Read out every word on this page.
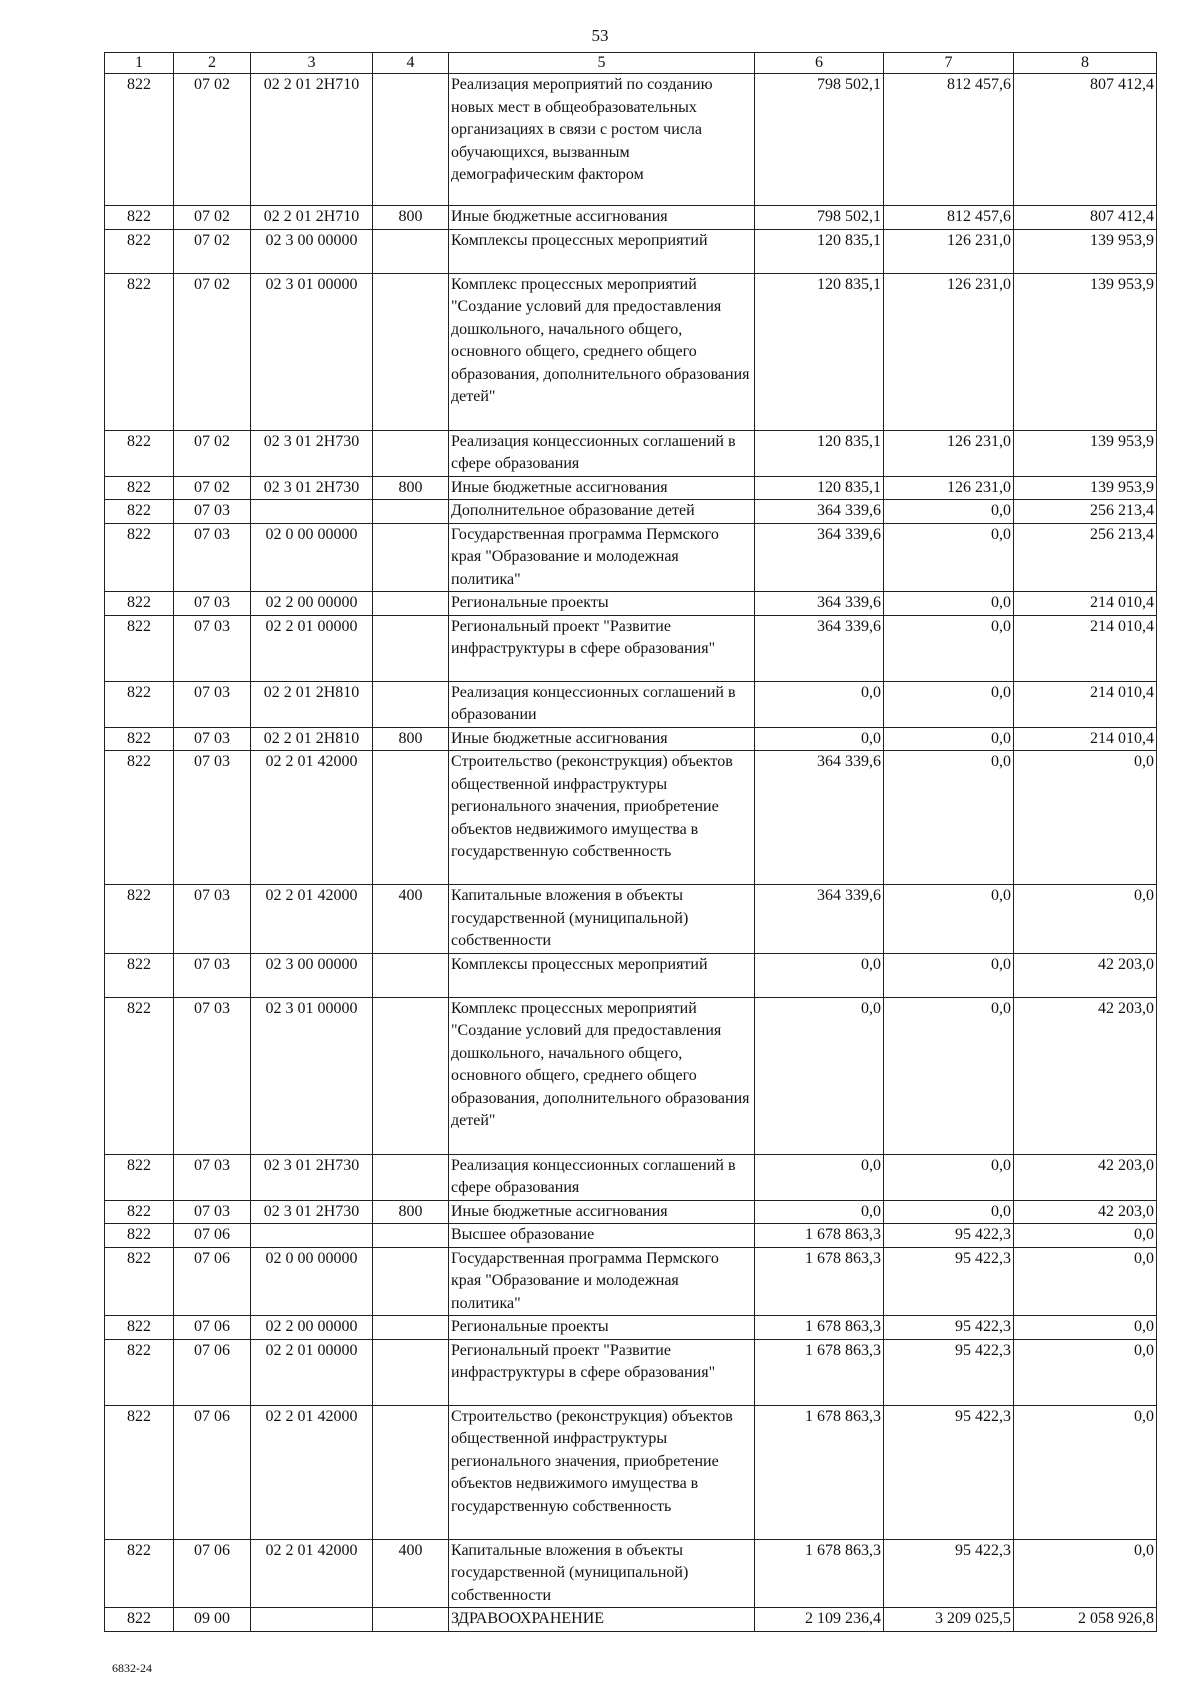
53
1	2	3	4	5	6	7	8
822	07 02	02 2 01 2Н710		Реализация мероприятий по созданию новых мест в общеобразовательных организациях в связи с ростом числа обучающихся, вызванным демографическим фактором	798 502,1	812 457,6	807 412,4
822	07 02	02 2 01 2Н710	800	Иные бюджетные ассигнования	798 502,1	812 457,6	807 412,4
822	07 02	02 3 00 00000		Комплексы процессных мероприятий	120 835,1	126 231,0	139 953,9
822	07 02	02 3 01 00000		Комплекс процессных мероприятий "Создание условий для предоставления дошкольного, начального общего, основного общего, среднего общего образования, дополнительного образования детей"	120 835,1	126 231,0	139 953,9
822	07 02	02 3 01 2Н730		Реализация концессионных соглашений в сфере образования	120 835,1	126 231,0	139 953,9
822	07 02	02 3 01 2Н730	800	Иные бюджетные ассигнования	120 835,1	126 231,0	139 953,9
822	07 03			Дополнительное образование детей	364 339,6	0,0	256 213,4
822	07 03	02 0 00 00000		Государственная программа Пермского края "Образование и молодежная политика"	364 339,6	0,0	256 213,4
822	07 03	02 2 00 00000		Региональные проекты	364 339,6	0,0	214 010,4
822	07 03	02 2 01 00000		Региональный проект "Развитие инфраструктуры в сфере образования"	364 339,6	0,0	214 010,4
822	07 03	02 2 01 2Н810		Реализация концессионных соглашений в образовании	0,0	0,0	214 010,4
822	07 03	02 2 01 2Н810	800	Иные бюджетные ассигнования	0,0	0,0	214 010,4
822	07 03	02 2 01 42000		Строительство (реконструкция) объектов общественной инфраструктуры регионального значения, приобретение объектов недвижимого имущества в государственную собственность	364 339,6	0,0	0,0
822	07 03	02 2 01 42000	400	Капитальные вложения в объекты государственной (муниципальной) собственности	364 339,6	0,0	0,0
822	07 03	02 3 00 00000		Комплексы процессных мероприятий	0,0	0,0	42 203,0
822	07 03	02 3 01 00000		Комплекс процессных мероприятий "Создание условий для предоставления дошкольного, начального общего, основного общего, среднего общего образования, дополнительного образования детей"	0,0	0,0	42 203,0
822	07 03	02 3 01 2Н730		Реализация концессионных соглашений в сфере образования	0,0	0,0	42 203,0
822	07 03	02 3 01 2Н730	800	Иные бюджетные ассигнования	0,0	0,0	42 203,0
822	07 06			Высшее образование	1 678 863,3	95 422,3	0,0
822	07 06	02 0 00 00000		Государственная программа Пермского края "Образование и молодежная политика"	1 678 863,3	95 422,3	0,0
822	07 06	02 2 00 00000		Региональные проекты	1 678 863,3	95 422,3	0,0
822	07 06	02 2 01 00000		Региональный проект "Развитие инфраструктуры в сфере образования"	1 678 863,3	95 422,3	0,0
822	07 06	02 2 01 42000		Строительство (реконструкция) объектов общественной инфраструктуры регионального значения, приобретение объектов недвижимого имущества в государственную собственность	1 678 863,3	95 422,3	0,0
822	07 06	02 2 01 42000	400	Капитальные вложения в объекты государственной (муниципальной) собственности	1 678 863,3	95 422,3	0,0
822	09 00			ЗДРАВООХРАНЕНИЕ	2 109 236,4	3 209 025,5	2 058 926,8
6832-24
